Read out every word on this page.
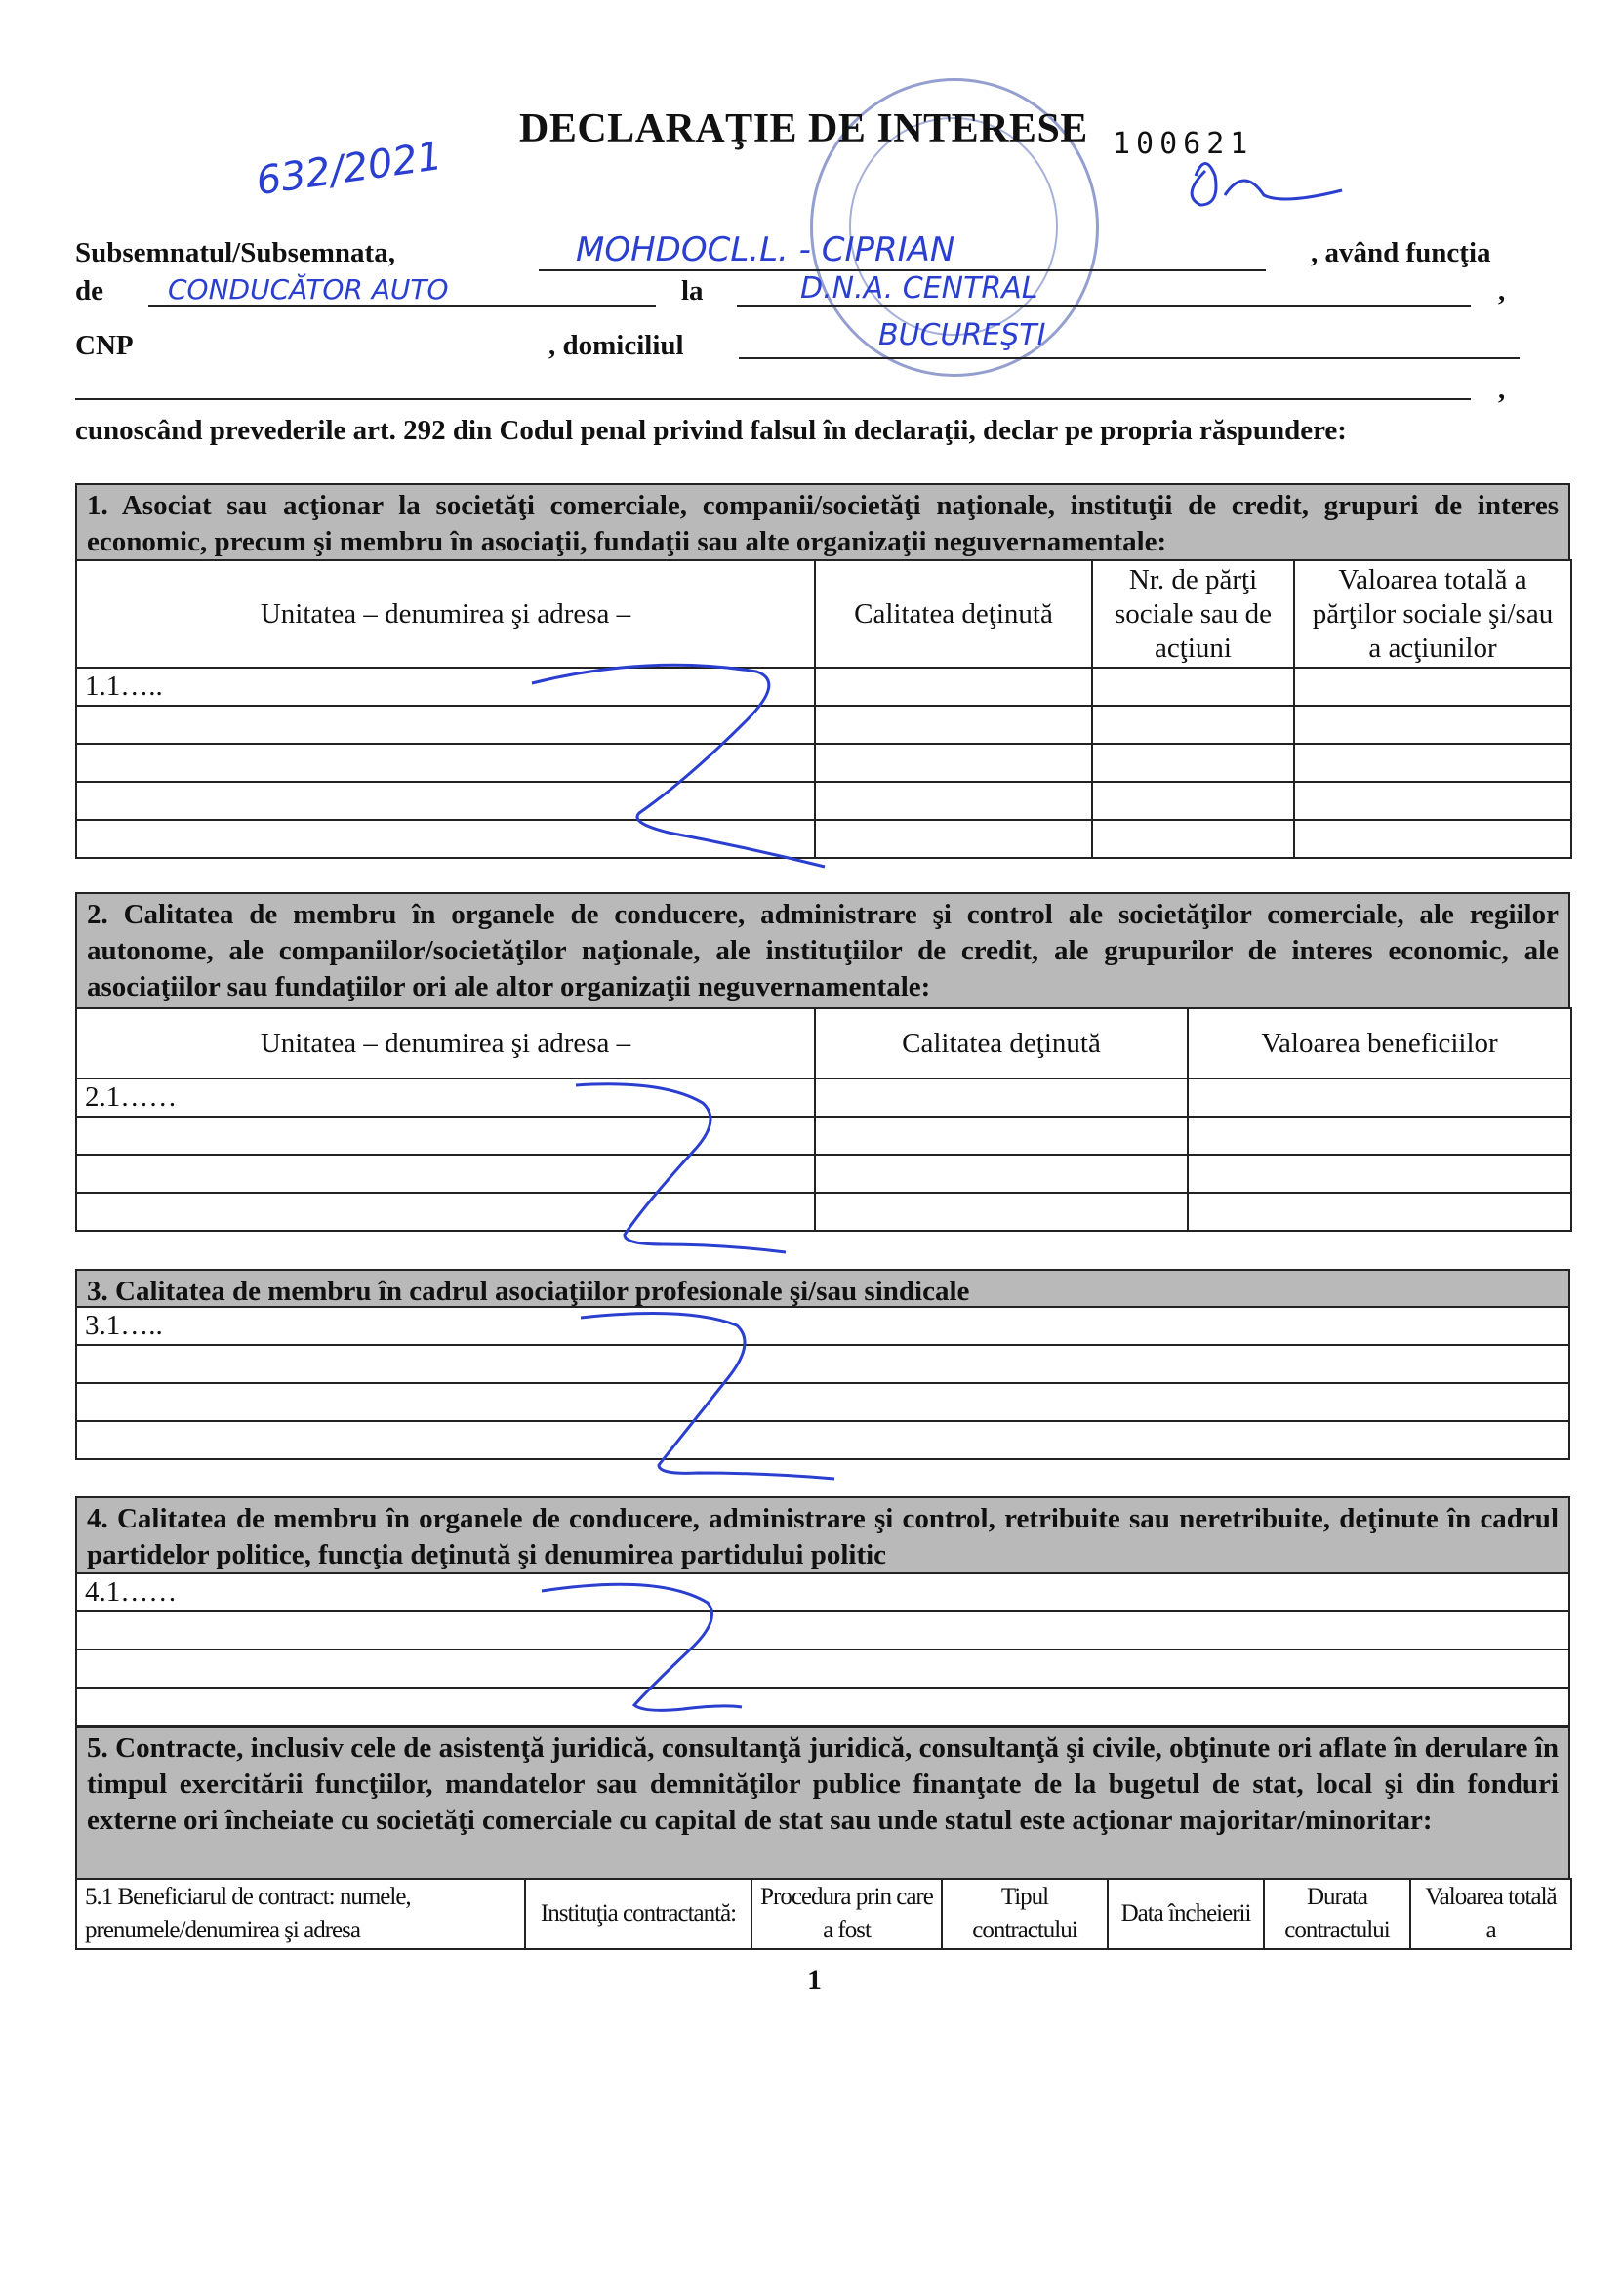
DECLARAŢIE DE INTERESE 100621
632/2021
Subsemnatul/Subsemnata,	MOHDOCL.L. - CIPRIAN	, având funcţia
de CONDUCĂTOR AUTO	la	D.N.A. CENTRAL	,
CNP	, domiciliul	BUCUREŞTI
,
cunoscând prevederile art. 292 din Codul penal privind falsul în declaraţii, declar pe propria răspundere:
1. Asociat sau acţionar la societăţi comerciale, companii/societăţi naţionale, instituţii de credit, grupuri de interes economic, precum şi membru în asociaţii, fundaţii sau alte organizaţii neguvernamentale:
Unitatea – denumirea şi adresa –	Calitatea deţinută	Nr. de părţi sociale sau de acţiuni	Valoarea totală a părţilor sociale şi/sau a acţiunilor
1.1…..			

2. Calitatea de membru în organele de conducere, administrare şi control ale societăţilor comerciale, ale regiilor autonome, ale companiilor/societăţilor naţionale, ale instituţiilor de credit, ale grupurilor de interes economic, ale asociaţiilor sau fundaţiilor ori ale altor organizaţii neguvernamentale:
Unitatea – denumirea şi adresa –	Calitatea deţinută	Valoarea beneficiilor
2.1……		

3. Calitatea de membru în cadrul asociaţiilor profesionale şi/sau sindicale
3.1…..

4. Calitatea de membru în organele de conducere, administrare şi control, retribuite sau neretribuite, deţinute în cadrul partidelor politice, funcţia deţinută şi denumirea partidului politic
4.1……

5. Contracte, inclusiv cele de asistenţă juridică, consultanţă juridică, consultanţă şi civile, obţinute ori aflate în derulare în timpul exercitării funcţiilor, mandatelor sau demnităţilor publice finanţate de la bugetul de stat, local şi din fonduri externe ori încheiate cu societăţi comerciale cu capital de stat sau unde statul este acţionar majoritar/minoritar:
5.1 Beneficiarul de contract: numele, prenumele/denumirea şi adresa	Instituţia contractantă:	Procedura prin care a fost	Tipul contractului	Data încheierii	Durata contractului	Valoarea totală a
1
